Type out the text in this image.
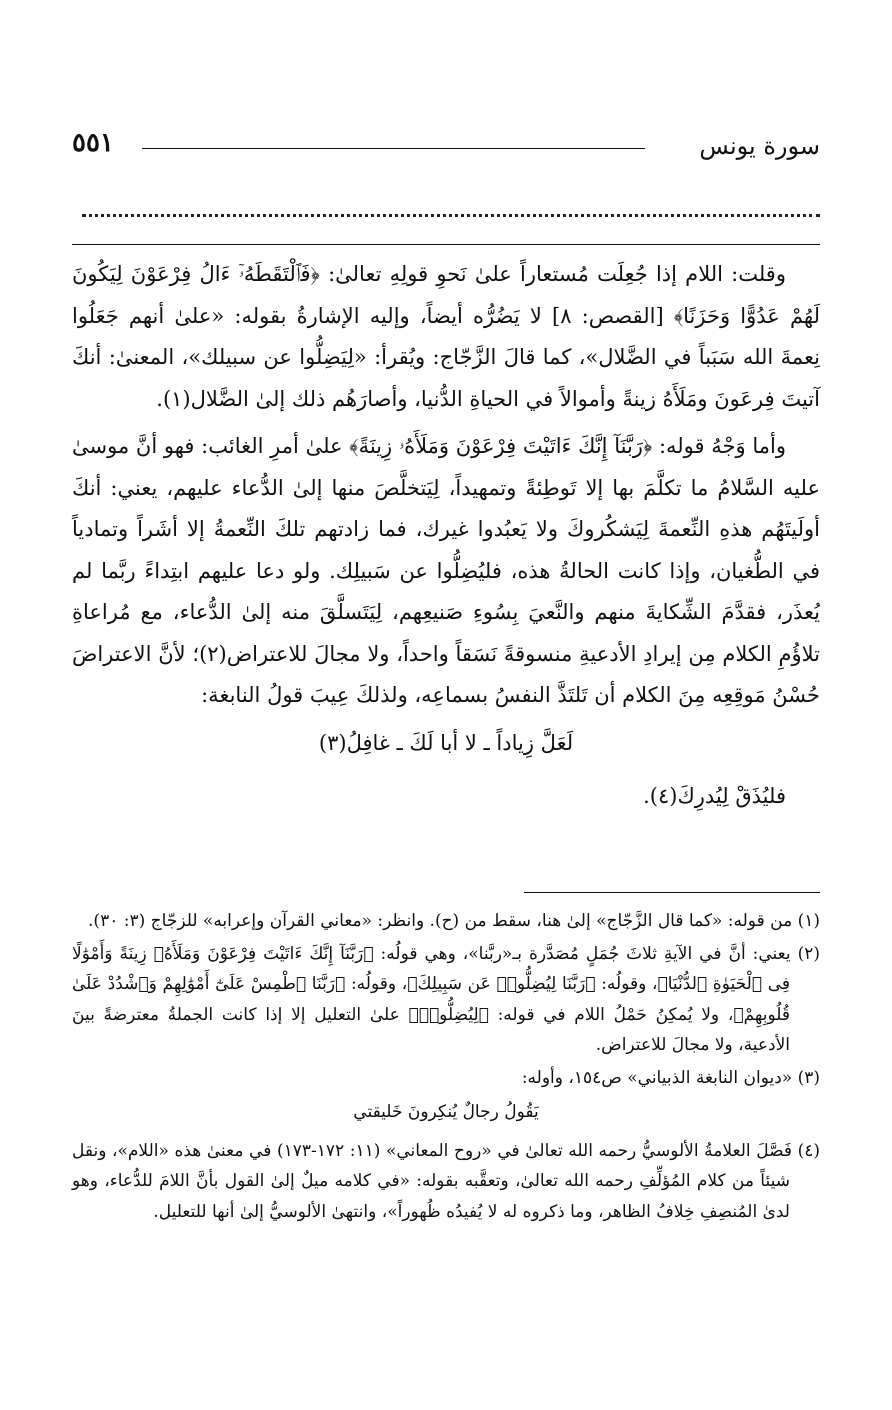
سورة يونس
٥٥١

وقلت: اللام إذا جُعِلَت مُستعاراً علىٰ نَحوِ قولِهِ تعالىٰ: ﴿فَٱلْتَقَطَهُۥٓ ءَالُ فِرْعَوْنَ لِيَكُونَ لَهُمْ عَدُوًّا وَحَزَنًا﴾ [القصص: ٨] لا يَضُرُّه أيضاً، وإليه الإشارةُ بقوله: «علىٰ أنهم جَعَلُوا نِعمةَ الله سَبَباً في الضَّلال»، كما قالَ الزَّجّاج: ويُقرأ: «لِيَضِلُّوا عن سبيلك»، المعنىٰ: أنكَ آتيتَ فِرعَونَ ومَلَأَهُ زينةً وأموالاً في الحياةِ الدُّنيا، وأصارَهُم ذلك إلىٰ الضَّلال(١).

وأما وَجْهُ قوله: ﴿رَبَّنَآ إِنَّكَ ءَاتَيْتَ فِرْعَوْنَ وَمَلَأَهُۥ زِينَةً﴾ علىٰ أمرِ الغائب: فهو أنَّ موسىٰ عليه السَّلامُ ما تكلَّمَ بها إلا تَوطِئةً وتمهيداً، لِيَتخلَّصَ منها إلىٰ الدُّعاء عليهم، يعني: أنكَ أولَيتَهُم هذهِ النِّعمةَ لِيَشكُروكَ ولا يَعبُدوا غيرك، فما زادتهم تلكَ النِّعمةُ إلا أشَراً وتمادياً في الطُّغيان، وإذا كانت الحالةُ هذه، فليُضِلُّوا عن سَبيلِك. ولو دعا عليهم ابتِداءً ربَّما لم يُعذَر، فقدَّمَ الشِّكايةَ منهم والنَّعيَ بِسُوءِ صَنيعِهم، لِيَتَسلَّقَ منه إلىٰ الدُّعاء، مع مُراعاةِ تلاؤُمِ الكلام مِن إيرادِ الأدعيةِ منسوقةً نَسَقاً واحداً، ولا مجالَ للاعتراض(٢)؛ لأنَّ الاعتراضَ حُسْنُ مَوقِعِه مِنَ الكلام أن تَلتَذَّ النفسُ بسماعِه، ولذلكَ عِيبَ قولُ النابغة:

لَعَلَّ زِياداً ـ لا أبا لَكَ ـ غافِلُ(٣)

فليُذَقْ لِيُدرِكَ(٤).

(١) من قوله: «كما قال الزَّجّاج» إلىٰ هنا، سقط من (ح). وانظر: «معاني القرآن وإعرابه» للزجّاج (٣: ٣٠).

(٢) يعني: أنَّ في الآيةِ ثلاثَ جُمَلٍ مُصَدَّرة بـ«ربَّنا»، وهي قولُه: ﴿رَبَّنَآ إِنَّكَ ءَاتَيْتَ فِرْعَوْنَ وَمَلَأَهُۥ زِينَةً وَأَمْوَٰلًا فِى ٱلْحَيَوٰةِ ٱلدُّنْيَا﴾، وقولُه: ﴿رَبَّنَا لِيُضِلُّوا۟ عَن سَبِيلِكَ﴾، وقولُه: ﴿رَبَّنَا ٱطْمِسْ عَلَىٰٓ أَمْوَٰلِهِمْ وَٱشْدُدْ عَلَىٰ قُلُوبِهِمْ﴾، ولا يُمكِنُ حَمْلُ اللام في قوله: ﴿لِيُضِلُّوا۟﴾ علىٰ التعليل إلا إذا كانت الجملةُ معترضةً بينَ الأدعية، ولا مجالَ للاعتراض.

(٣) «ديوان النابغة الذبياني» ص١٥٤، وأوله:

يَقُولُ رجالٌ يُنكِرونَ خَليقتي

(٤) فَصَّلَ العلامةُ الألوسيُّ رحمه الله تعالىٰ في «روح المعاني» (١١: ١٧٢-١٧٣) في معنىٰ هذه «اللام»، ونقل شيئاً من كلام المُؤلِّفِ رحمه الله تعالىٰ، وتعقَّبه بقوله: «في كلامه ميلٌ إلىٰ القول بأنَّ اللامَ للدُّعاء، وهو لدىٰ المُنصِفِ خِلافُ الظاهر، وما ذكروه له لا يُفيدُه ظُهوراً»، وانتهىٰ الألوسيُّ إلىٰ أنها للتعليل.
